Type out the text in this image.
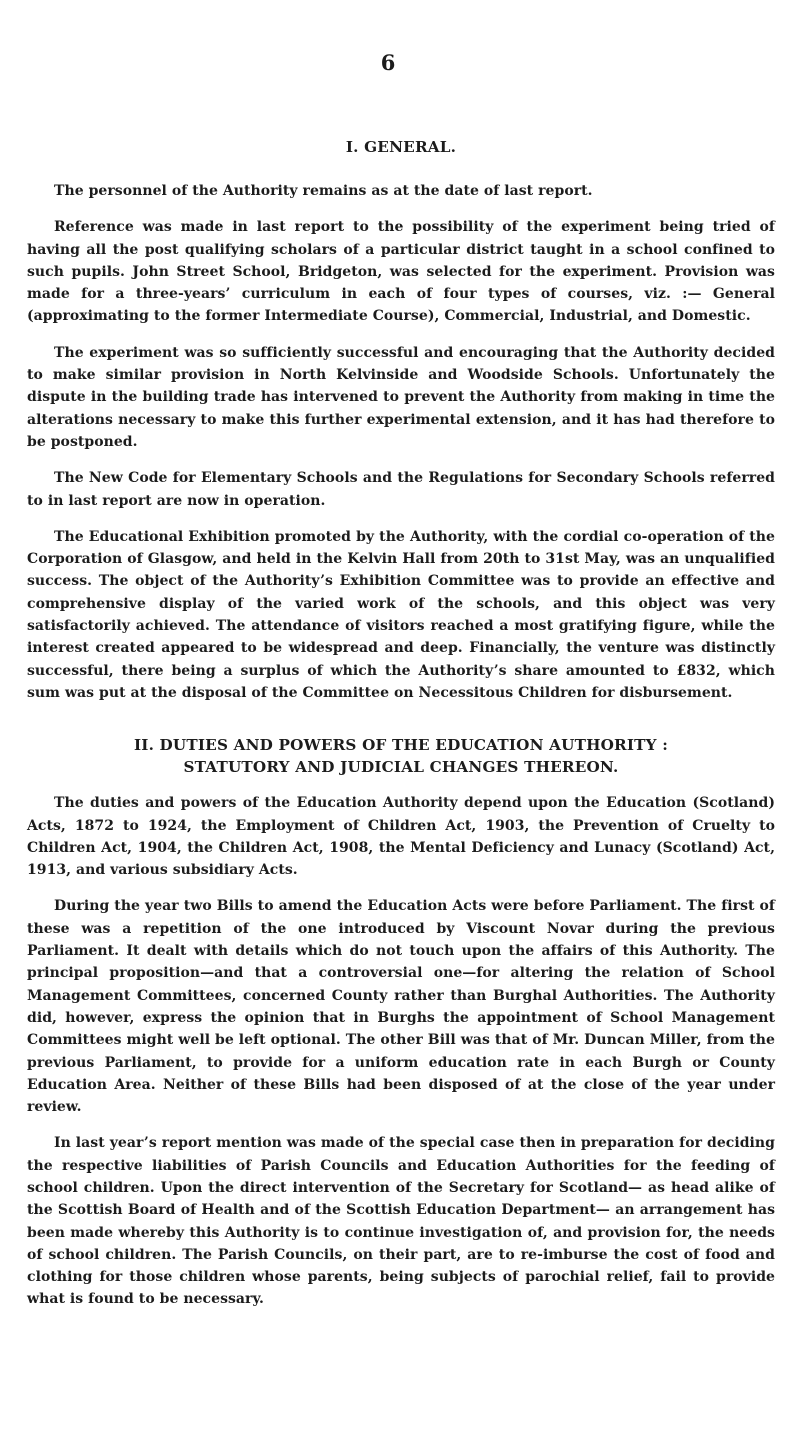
6
I. GENERAL.

The personnel of the Authority remains as at the date of last report.

Reference was made in last report to the possibility of the experiment being tried of having all the post qualifying scholars of a particular district taught in a school confined to such pupils. John Street School, Bridgeton, was selected for the experiment. Provision was made for a three-years’ curriculum in each of four types of courses, viz. :— General (approximating to the former Intermediate Course), Commercial, Industrial, and Domestic.

The experiment was so sufficiently successful and encouraging that the Authority decided to make similar provision in North Kelvinside and Woodside Schools. Unfortunately the dispute in the building trade has intervened to prevent the Authority from making in time the alterations necessary to make this further experimental extension, and it has had therefore to be postponed.

The New Code for Elementary Schools and the Regulations for Secondary Schools referred to in last report are now in operation.

The Educational Exhibition promoted by the Authority, with the cordial co-operation of the Corporation of Glasgow, and held in the Kelvin Hall from 20th to 31st May, was an unqualified success. The object of the Authority’s Exhibition Committee was to provide an effective and comprehensive display of the varied work of the schools, and this object was very satisfactorily achieved. The attendance of visitors reached a most gratifying figure, while the interest created appeared to be widespread and deep. Financially, the venture was distinctly successful, there being a surplus of which the Authority’s share amounted to £832, which sum was put at the disposal of the Committee on Necessitous Children for disbursement.

II. DUTIES AND POWERS OF THE EDUCATION AUTHORITY :
STATUTORY AND JUDICIAL CHANGES THEREON.

The duties and powers of the Education Authority depend upon the Education (Scotland) Acts, 1872 to 1924, the Employment of Children Act, 1903, the Prevention of Cruelty to Children Act, 1904, the Children Act, 1908, the Mental Deficiency and Lunacy (Scotland) Act, 1913, and various subsidiary Acts.

During the year two Bills to amend the Education Acts were before Parliament. The first of these was a repetition of the one introduced by Viscount Novar during the previous Parliament. It dealt with details which do not touch upon the affairs of this Authority. The principal proposition—and that a controversial one—for altering the relation of School Management Committees, concerned County rather than Burghal Authorities. The Authority did, however, express the opinion that in Burghs the appointment of School Management Committees might well be left optional. The other Bill was that of Mr. Duncan Miller, from the previous Parliament, to provide for a uniform education rate in each Burgh or County Education Area. Neither of these Bills had been disposed of at the close of the year under review.

In last year’s report mention was made of the special case then in preparation for deciding the respective liabilities of Parish Councils and Education Authorities for the feeding of school children. Upon the direct intervention of the Secretary for Scotland— as head alike of the Scottish Board of Health and of the Scottish Education Department— an arrangement has been made whereby this Authority is to continue investigation of, and provision for, the needs of school children. The Parish Councils, on their part, are to re-imburse the cost of food and clothing for those children whose parents, being subjects of parochial relief, fail to provide what is found to be necessary.
